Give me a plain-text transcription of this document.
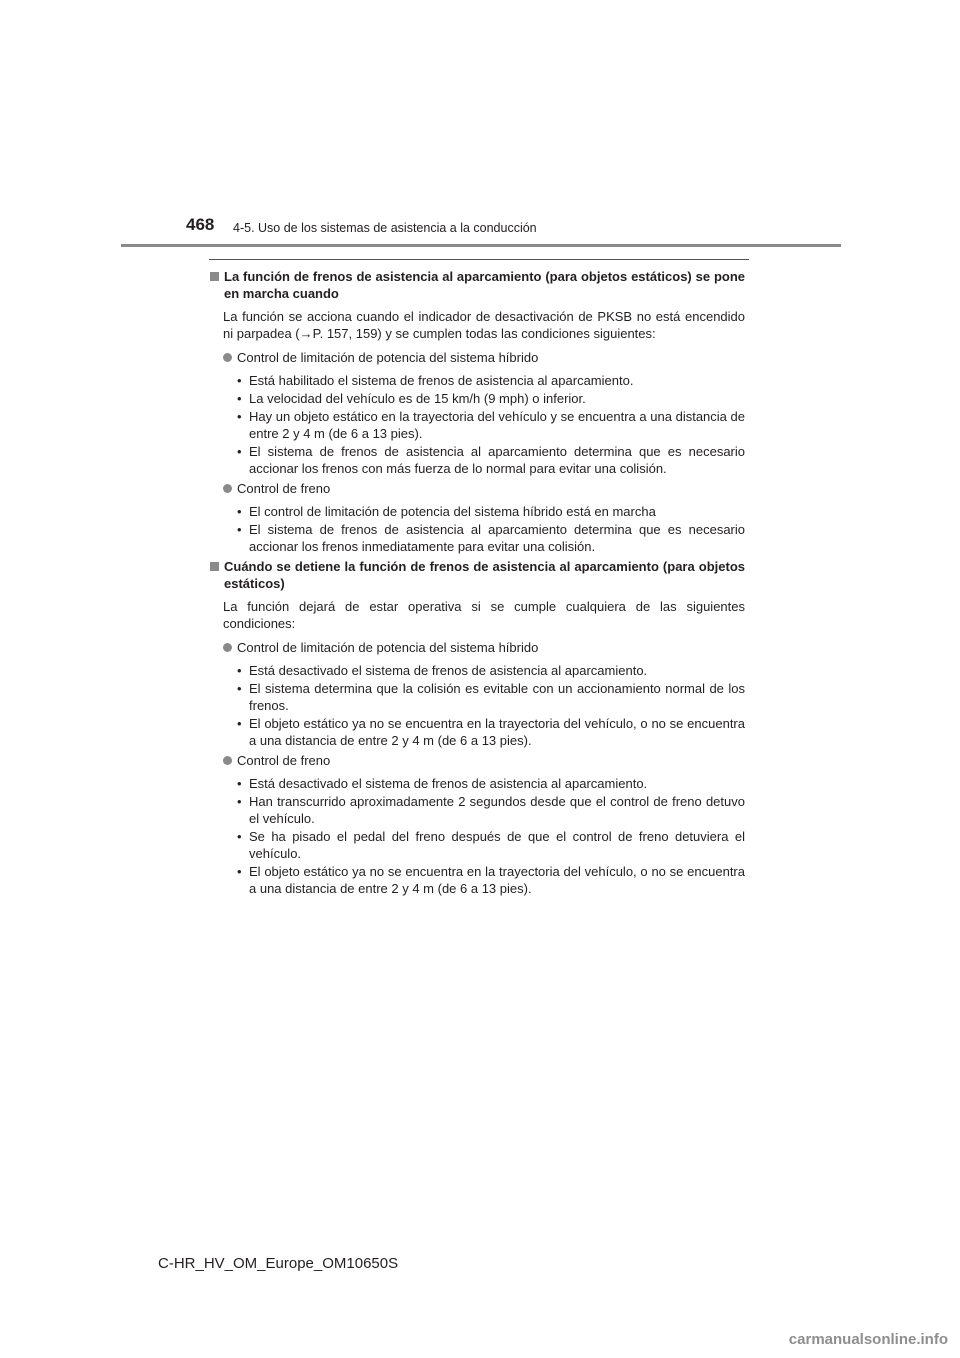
468 4-5. Uso de los sistemas de asistencia a la conducción
La función de frenos de asistencia al aparcamiento (para objetos estáticos) se pone en marcha cuando

La función se acciona cuando el indicador de desactivación de PKSB no está encendido ni parpadea (→P. 157, 159) y se cumplen todas las condiciones siguientes:

Control de limitación de potencia del sistema híbrido
• Está habilitado el sistema de frenos de asistencia al aparcamiento.
• La velocidad del vehículo es de 15 km/h (9 mph) o inferior.
• Hay un objeto estático en la trayectoria del vehículo y se encuentra a una distancia de entre 2 y 4 m (de 6 a 13 pies).
• El sistema de frenos de asistencia al aparcamiento determina que es necesario accionar los frenos con más fuerza de lo normal para evitar una colisión.
Control de freno
• El control de limitación de potencia del sistema híbrido está en marcha
• El sistema de frenos de asistencia al aparcamiento determina que es necesario accionar los frenos inmediatamente para evitar una colisión.
Cuándo se detiene la función de frenos de asistencia al aparcamiento (para objetos estáticos)

La función dejará de estar operativa si se cumple cualquiera de las siguientes condiciones:

Control de limitación de potencia del sistema híbrido
• Está desactivado el sistema de frenos de asistencia al aparcamiento.
• El sistema determina que la colisión es evitable con un accionamiento normal de los frenos.
• El objeto estático ya no se encuentra en la trayectoria del vehículo, o no se encuentra a una distancia de entre 2 y 4 m (de 6 a 13 pies).
Control de freno
• Está desactivado el sistema de frenos de asistencia al aparcamiento.
• Han transcurrido aproximadamente 2 segundos desde que el control de freno detuvo el vehículo.
• Se ha pisado el pedal del freno después de que el control de freno detuviera el vehículo.
• El objeto estático ya no se encuentra en la trayectoria del vehículo, o no se encuentra a una distancia de entre 2 y 4 m (de 6 a 13 pies).
C-HR_HV_OM_Europe_OM10650S
carmanualsonline.info
